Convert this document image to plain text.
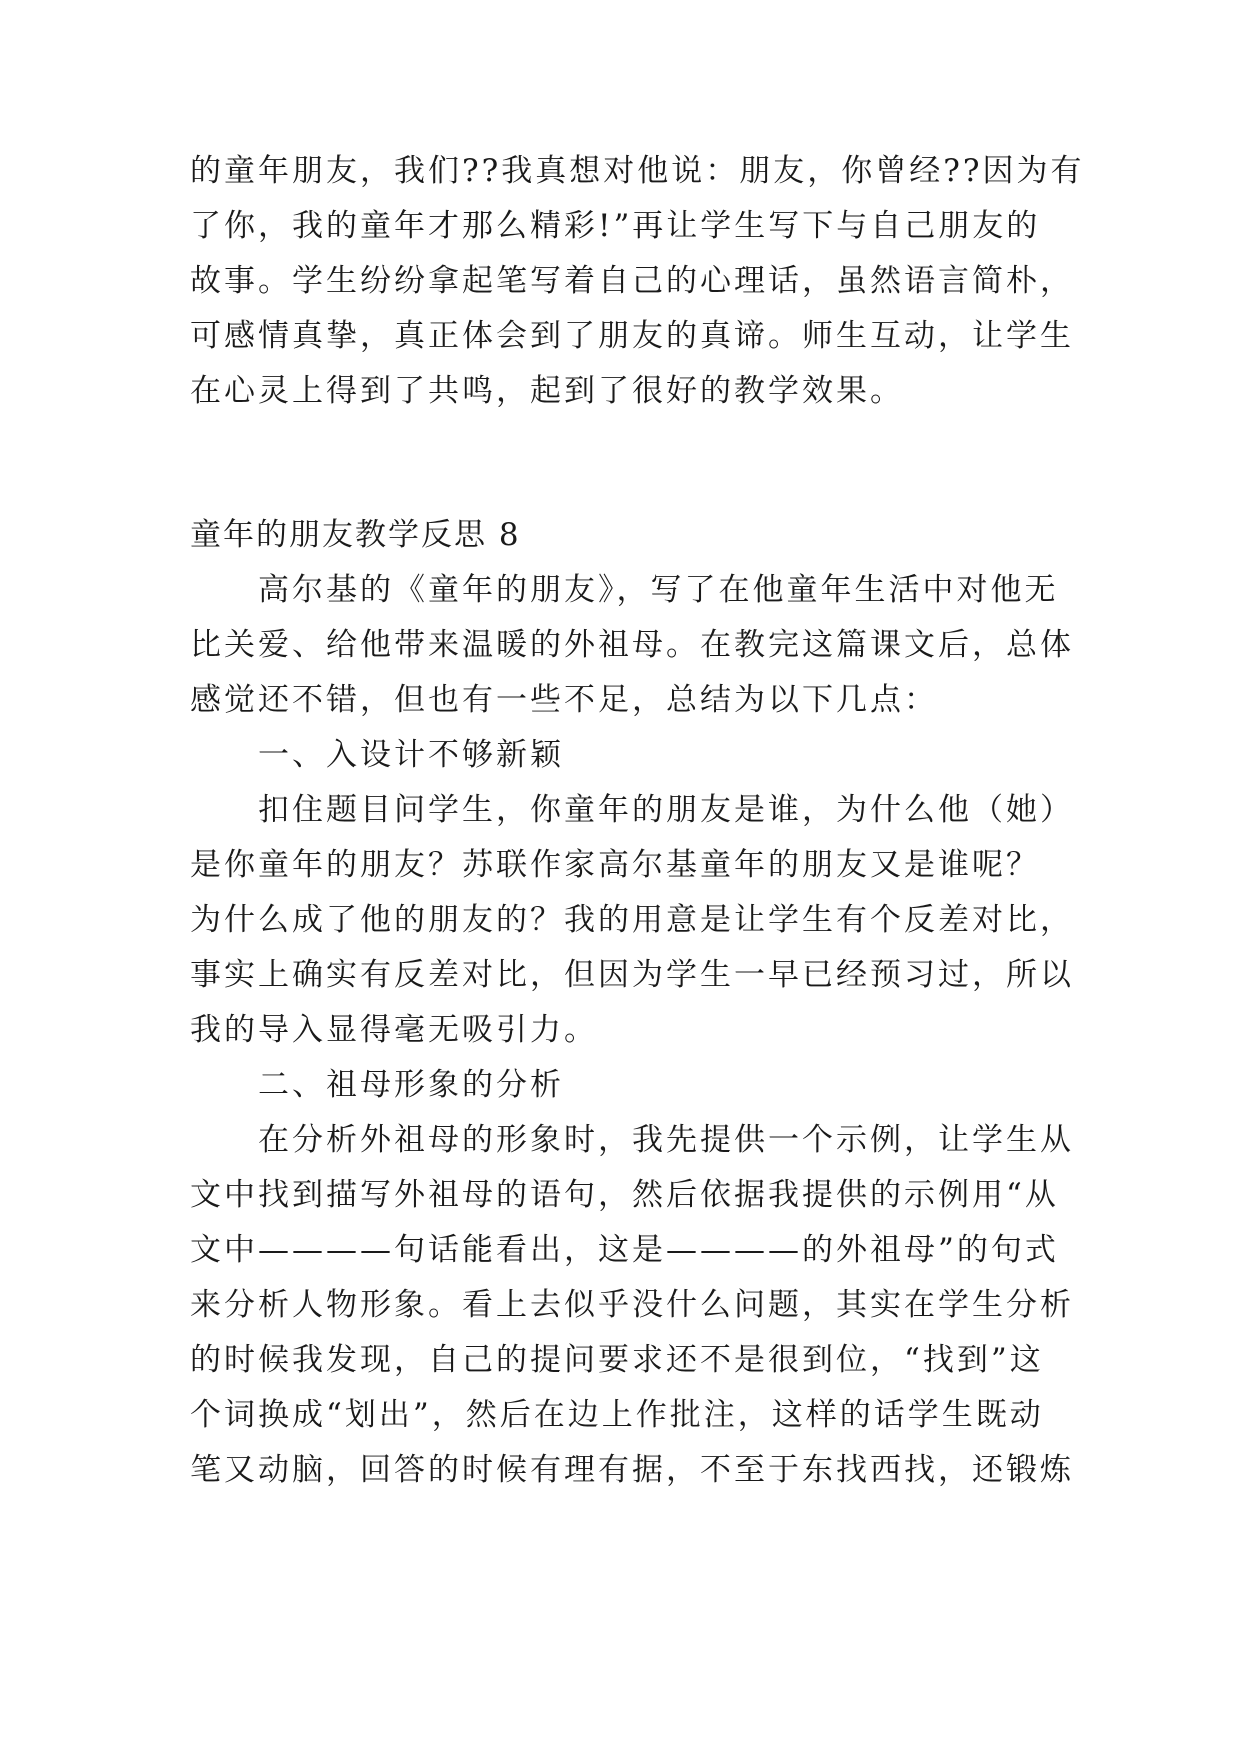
的童年朋友，我们??我真想对他说：朋友，你曾经??因为有
了你，我的童年才那么精彩!”再让学生写下与自己朋友的
故事。学生纷纷拿起笔写着自己的心理话，虽然语言简朴，
可感情真挚，真正体会到了朋友的真谛。师生互动，让学生
在心灵上得到了共鸣，起到了很好的教学效果。
童年的朋友教学反思 8
高尔基的《童年的朋友》，写了在他童年生活中对他无
比关爱、给他带来温暖的外祖母。在教完这篇课文后，总体
感觉还不错，但也有一些不足，总结为以下几点：
一、入设计不够新颖
扣住题目问学生，你童年的朋友是谁，为什么他（她）
是你童年的朋友？苏联作家高尔基童年的朋友又是谁呢？
为什么成了他的朋友的？我的用意是让学生有个反差对比，
事实上确实有反差对比，但因为学生一早已经预习过，所以
我的导入显得毫无吸引力。
二、祖母形象的分析
在分析外祖母的形象时，我先提供一个示例，让学生从
文中找到描写外祖母的语句，然后依据我提供的示例用“从
文中————句话能看出，这是————的外祖母”的句式
来分析人物形象。看上去似乎没什么问题，其实在学生分析
的时候我发现，自己的提问要求还不是很到位，“找到”这
个词换成“划出”，然后在边上作批注，这样的话学生既动
笔又动脑，回答的时候有理有据，不至于东找西找，还锻炼
